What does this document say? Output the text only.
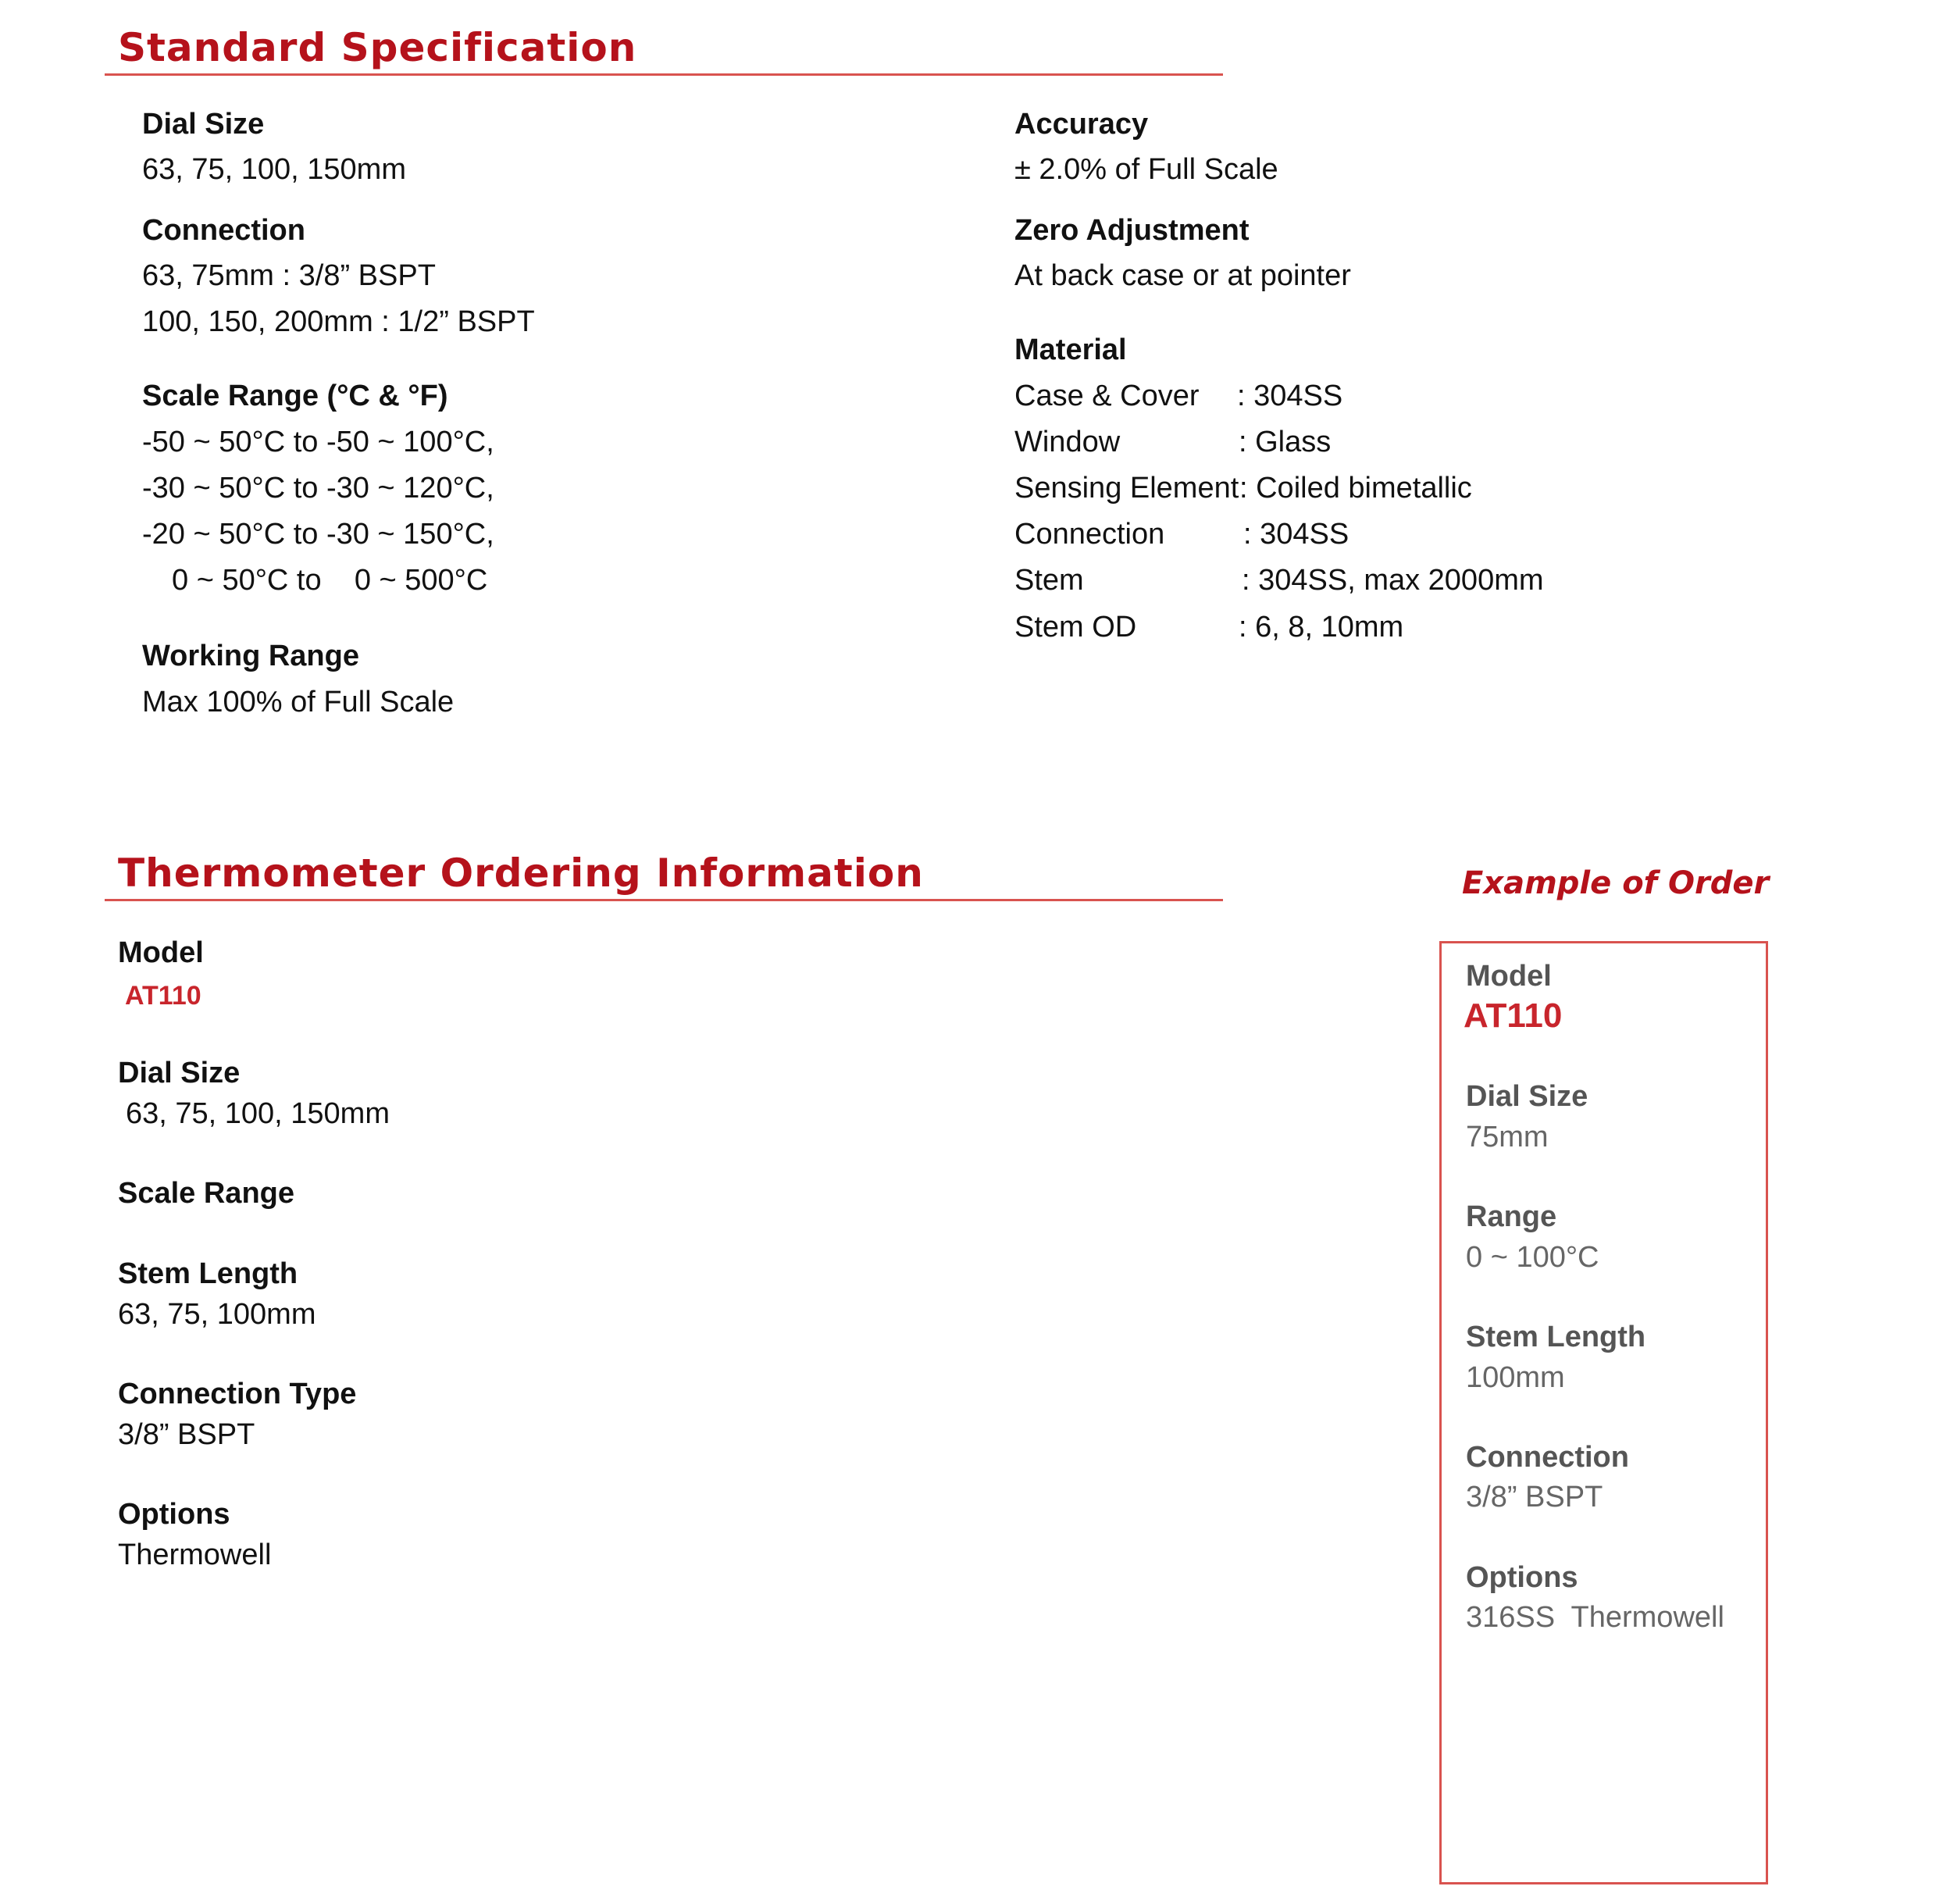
Standard Specification
Dial Size
63, 75, 100, 150mm
Connection
63, 75mm : 3/8” BSPT
100, 150, 200mm : 1/2” BSPT
Scale Range (°C & °F)
-50 ~ 50°C to -50 ~ 100°C,
-30 ~ 50°C to -30 ~ 120°C,
-20 ~ 50°C to -30 ~ 150°C,
0 ~ 50°C to    0 ~ 500°C
Working Range
Max 100% of Full Scale
Accuracy
± 2.0% of Full Scale
Zero Adjustment
At back case or at pointer
Material
Case & Cover : 304SS
Window	: Glass
Sensing Element : Coiled bimetallic
Connection	: 304SS
Stem	: 304SS, max 2000mm
Stem OD	: 6, 8, 10mm
Thermometer Ordering Information
Model
AT110
Dial Size
63, 75, 100, 150mm
Scale Range
Stem Length
63, 75, 100mm
Connection Type
3/8” BSPT
Options
Thermowell
Example of Order
Model
AT110
Dial Size
75mm
Range
0 ~ 100°C
Stem Length
100mm
Connection
3/8” BSPT
Options
316SS  Thermowell
